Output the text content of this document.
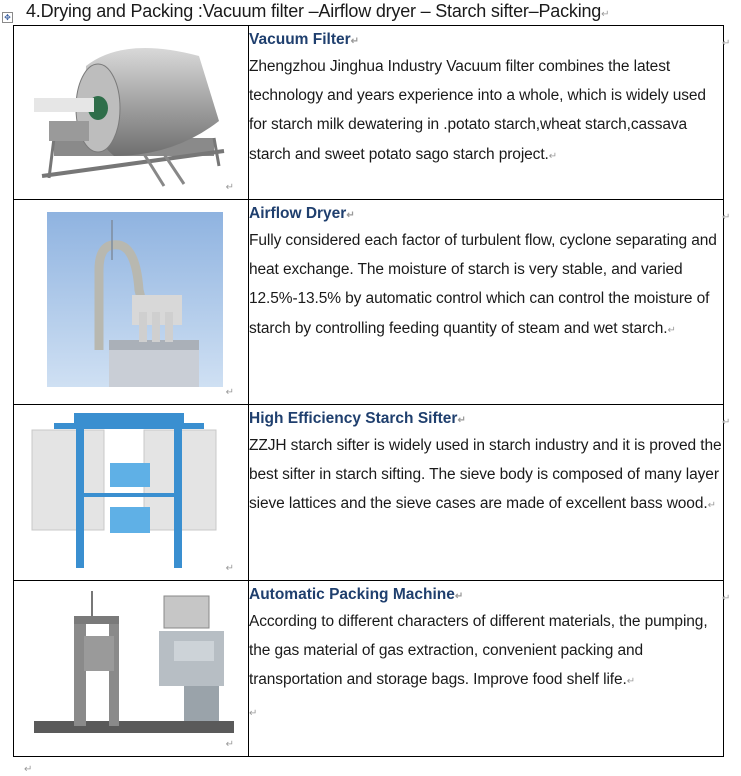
✥ 4.Drying and Packing :Vacuum filter –Airflow dryer – Starch sifter–Packing↵
↵	Vacuum Filter↵
Zhengzhou Jinghua Industry Vacuum filter combines the latest technology and years experience into a whole, which is widely used for starch milk dewatering in .potato starch,wheat starch,cassava starch and sweet potato sago starch project.↵

↵	Airflow Dryer↵
Fully considered each factor of turbulent flow, cyclone separating and heat exchange. The moisture of starch is very stable, and varied 12.5%-13.5% by automatic control which can control the moisture of starch by controlling feeding quantity of steam and wet starch.↵

↵	High Efficiency Starch Sifter↵
ZZJH starch sifter is widely used in starch industry and it is proved the best sifter in starch sifting. The sieve body is composed of many layer sieve lattices and the sieve cases are made of excellent bass wood.↵

↵	Automatic Packing Machine↵
According to different characters of different materials, the pumping, the gas material of gas extraction, convenient packing and transportation and storage bags. Improve food shelf life.↵
↵
↵
↵
↵
↵
↵
